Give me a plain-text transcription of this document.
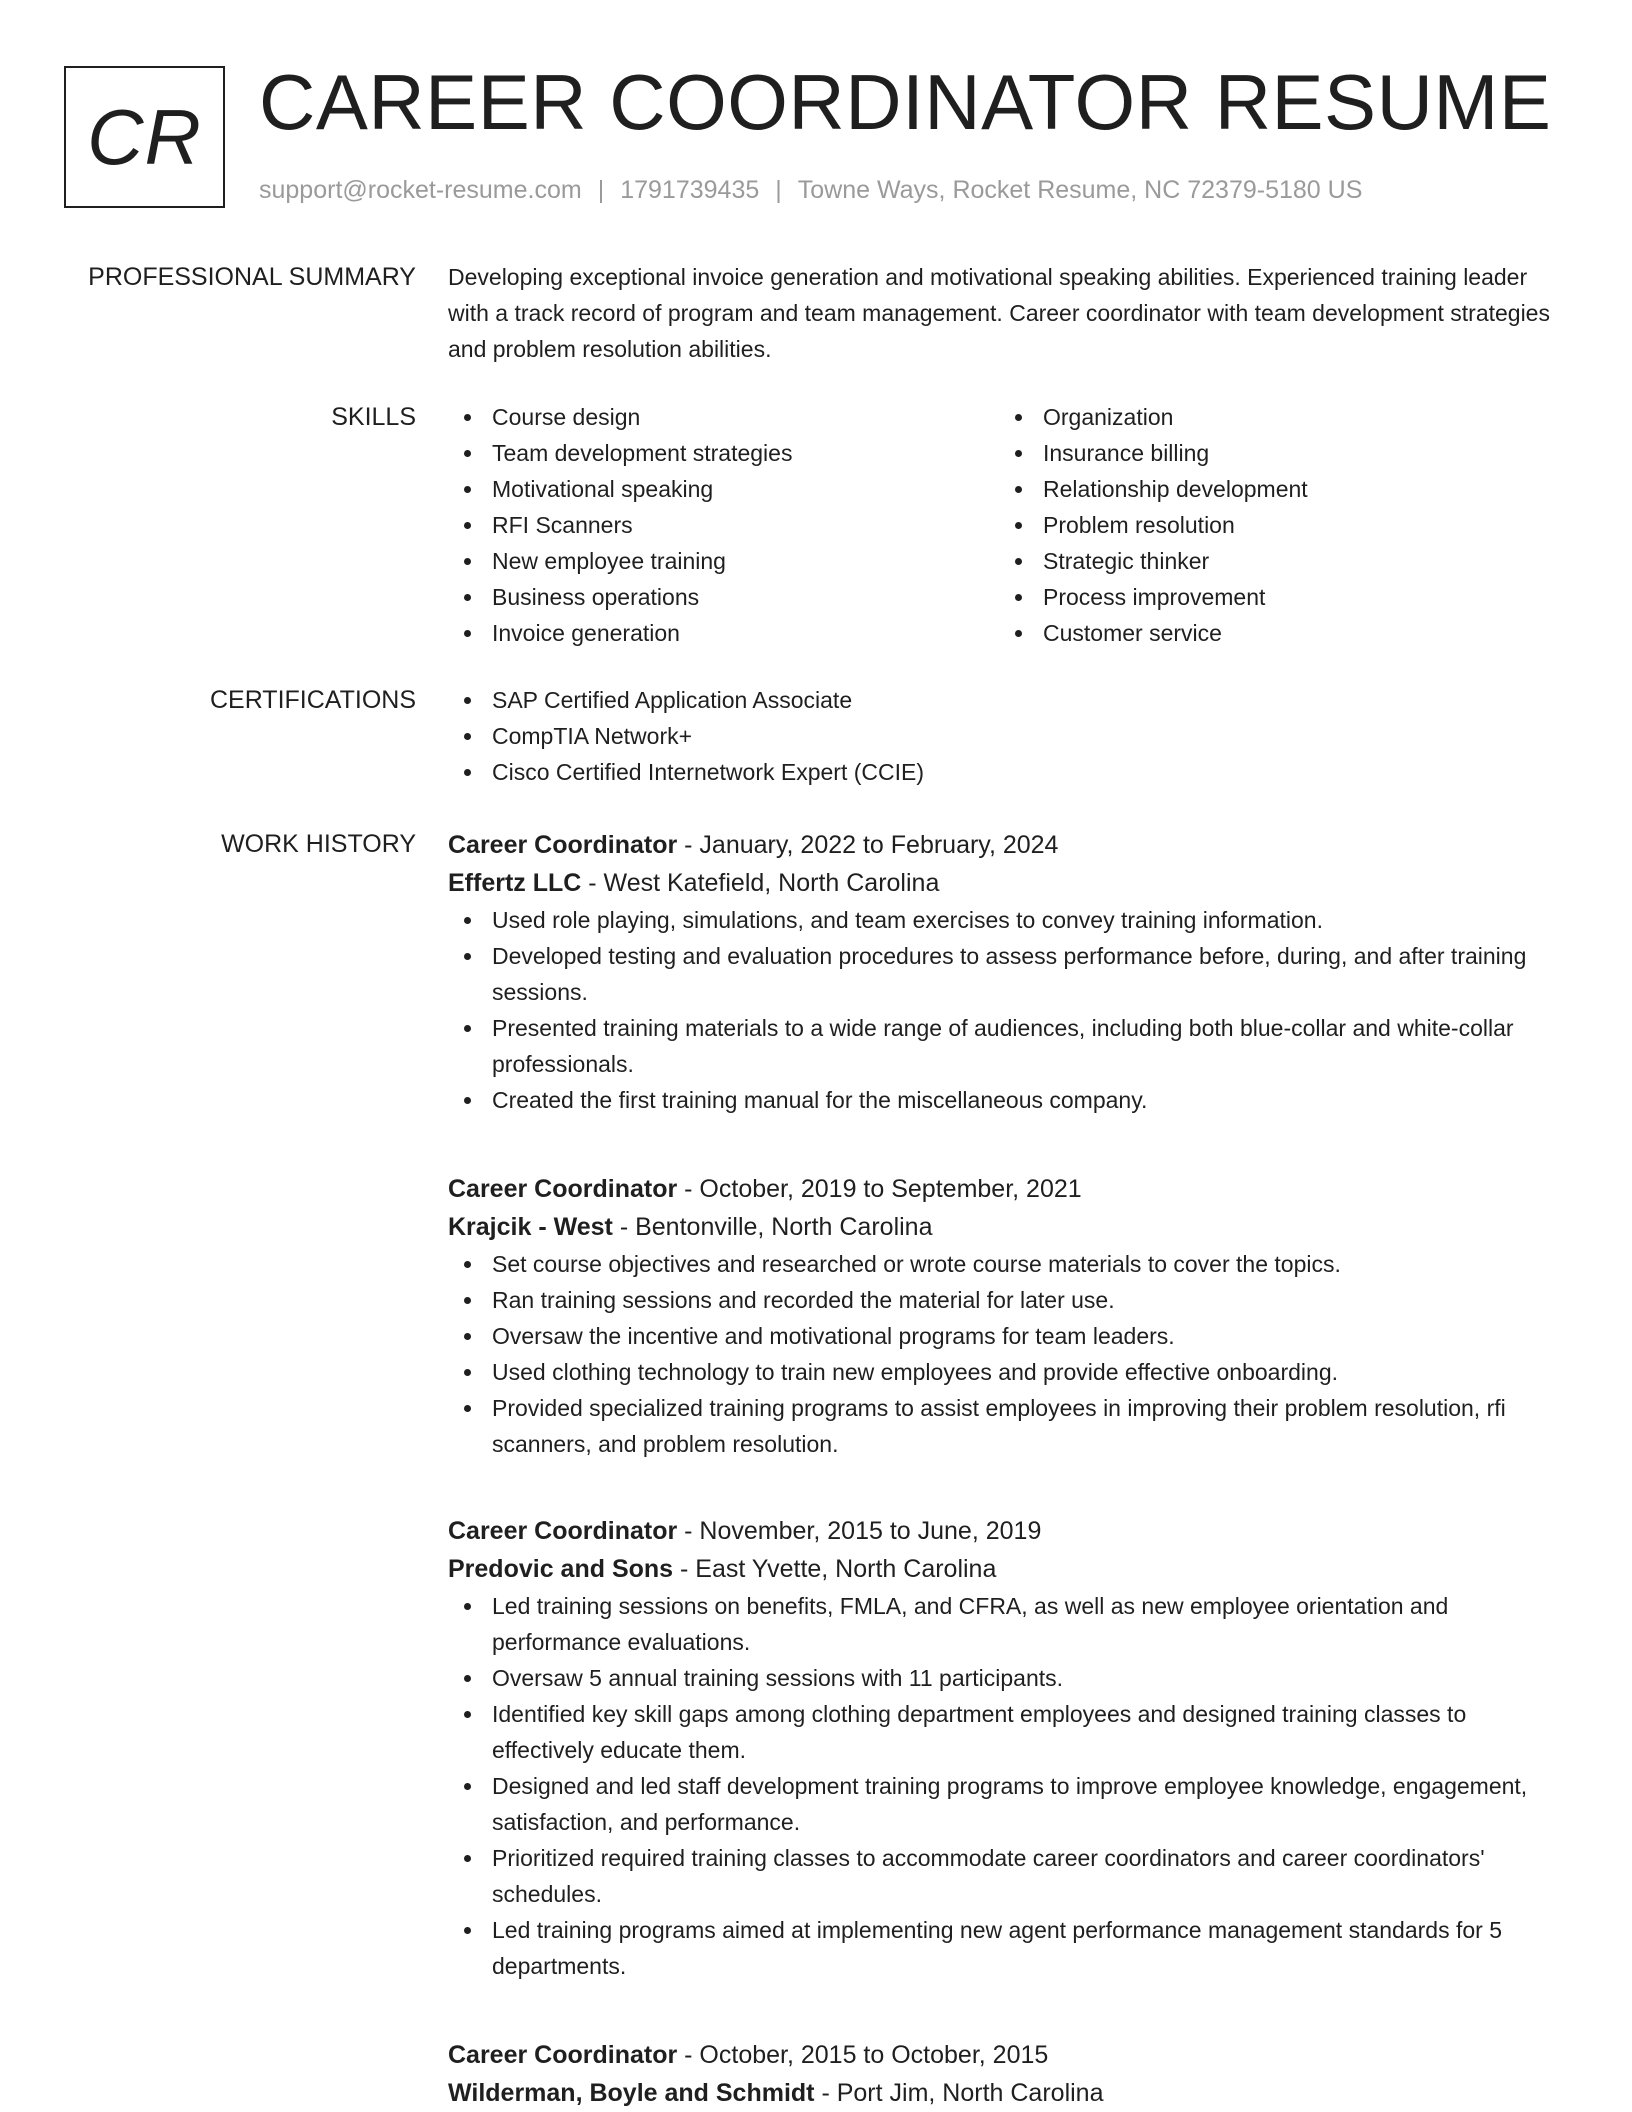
CR CAREER COORDINATOR RESUME
support@rocket-resume.com | 1791739435 | Towne Ways, Rocket Resume, NC 72379-5180 US
PROFESSIONAL SUMMARY Developing exceptional invoice generation and motivational speaking abilities. Experienced training leader with a track record of program and team management. Career coordinator with team development strategies and problem resolution abilities.

SKILLS	Course design
Team development strategies
Motivational speaking
RFI Scanners
New employee training
Business operations
Invoice generation
Organization
Insurance billing
Relationship development
Problem resolution
Strategic thinker
Process improvement
Customer service
CERTIFICATIONS	SAP Certified Application Associate
CompTIA Network+
Cisco Certified Internetwork Expert (CCIE)
WORK HISTORY Career Coordinator - January, 2022 to February, 2024
Effertz LLC - West Katefield, North Carolina
Used role playing, simulations, and team exercises to convey training information.
Developed testing and evaluation procedures to assess performance before, during, and after training sessions.
Presented training materials to a wide range of audiences, including both blue-collar and white-collar professionals.
Created the first training manual for the miscellaneous company.
Career Coordinator - October, 2019 to September, 2021
Krajcik - West - Bentonville, North Carolina
Set course objectives and researched or wrote course materials to cover the topics.
Ran training sessions and recorded the material for later use.
Oversaw the incentive and motivational programs for team leaders.
Used clothing technology to train new employees and provide effective onboarding.
Provided specialized training programs to assist employees in improving their problem resolution, rfi scanners, and problem resolution.
Career Coordinator - November, 2015 to June, 2019
Predovic and Sons - East Yvette, North Carolina
Led training sessions on benefits, FMLA, and CFRA, as well as new employee orientation and performance evaluations.
Oversaw 5 annual training sessions with 11 participants.
Identified key skill gaps among clothing department employees and designed training classes to effectively educate them.
Designed and led staff development training programs to improve employee knowledge, engagement, satisfaction, and performance.
Prioritized required training classes to accommodate career coordinators and career coordinators' schedules.
Led training programs aimed at implementing new agent performance management standards for 5 departments.
Career Coordinator - October, 2015 to October, 2015
Wilderman, Boyle and Schmidt - Port Jim, North Carolina
